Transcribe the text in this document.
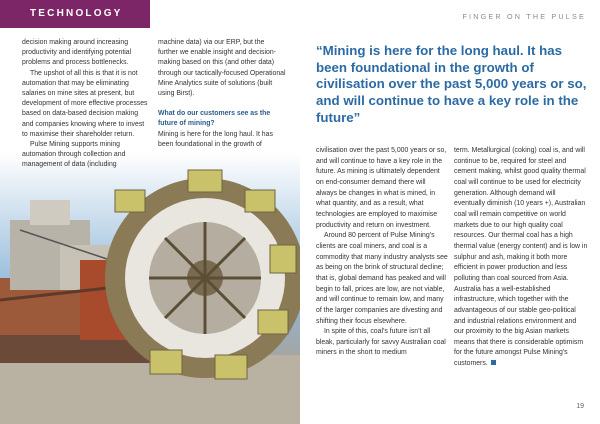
TECHNOLOGY

decision making around increasing productivity and identifying potential problems and process bottlenecks.

The upshot of all this is that it is not automation that may be eliminating salaries on mine sites at present, but development of more effective processes based on data-based decision making and companies knowing where to invest to maximise their shareholder return.

Pulse Mining supports mining automation through collection and management of data (including

machine data) via our ERP, but the further we enable insight and decision-making based on this (and other data) through our tactically-focused Operational Mine Analytics suite of solutions (built using Birst).

What do our customers see as the future of mining?

Mining is here for the long haul. It has been foundational in the growth of

FINGER ON THE PULSE
“Mining is here for the long haul. It has been foundational in the growth of civilisation over the past 5,000 years or so, and will continue to have a key role in the future”

civilisation over the past 5,000 years or so, and will continue to have a key role in the future. As mining is ultimately dependent on end-consumer demand there will always be changes in what is mined, in what quantity, and as a result, what technologies are employed to maximise productivity and return on investment.

Around 80 percent of Pulse Mining’s clients are coal miners, and coal is a commodity that many industry analysts see as being on the brink of structural decline; that is, global demand has peaked and will begin to fall, prices are low, are not viable, and will continue to remain low, and many of the larger companies are divesting and shifting their focus elsewhere.

In spite of this, coal’s future isn’t all bleak, particularly for savvy Australian coal miners in the short to medium

term. Metallurgical (coking) coal is, and will continue to be, required for steel and cement making, whilst good quality thermal coal will continue to be used for electricity generation. Although demand will eventually diminish (10 years +), Australian coal will remain competitive on world markets due to our high quality coal resources. Our thermal coal has a high thermal value (energy content) and is low in sulphur and ash, making it both more efficient in power production and less polluting than coal sourced from Asia. Australia has a well-established infrastructure, which together with the advantageous of our stable geo-political and industrial relations environment and our proximity to the big Asian markets means that there is considerable optimism for the future amongst Pulse Mining’s customers.

19
